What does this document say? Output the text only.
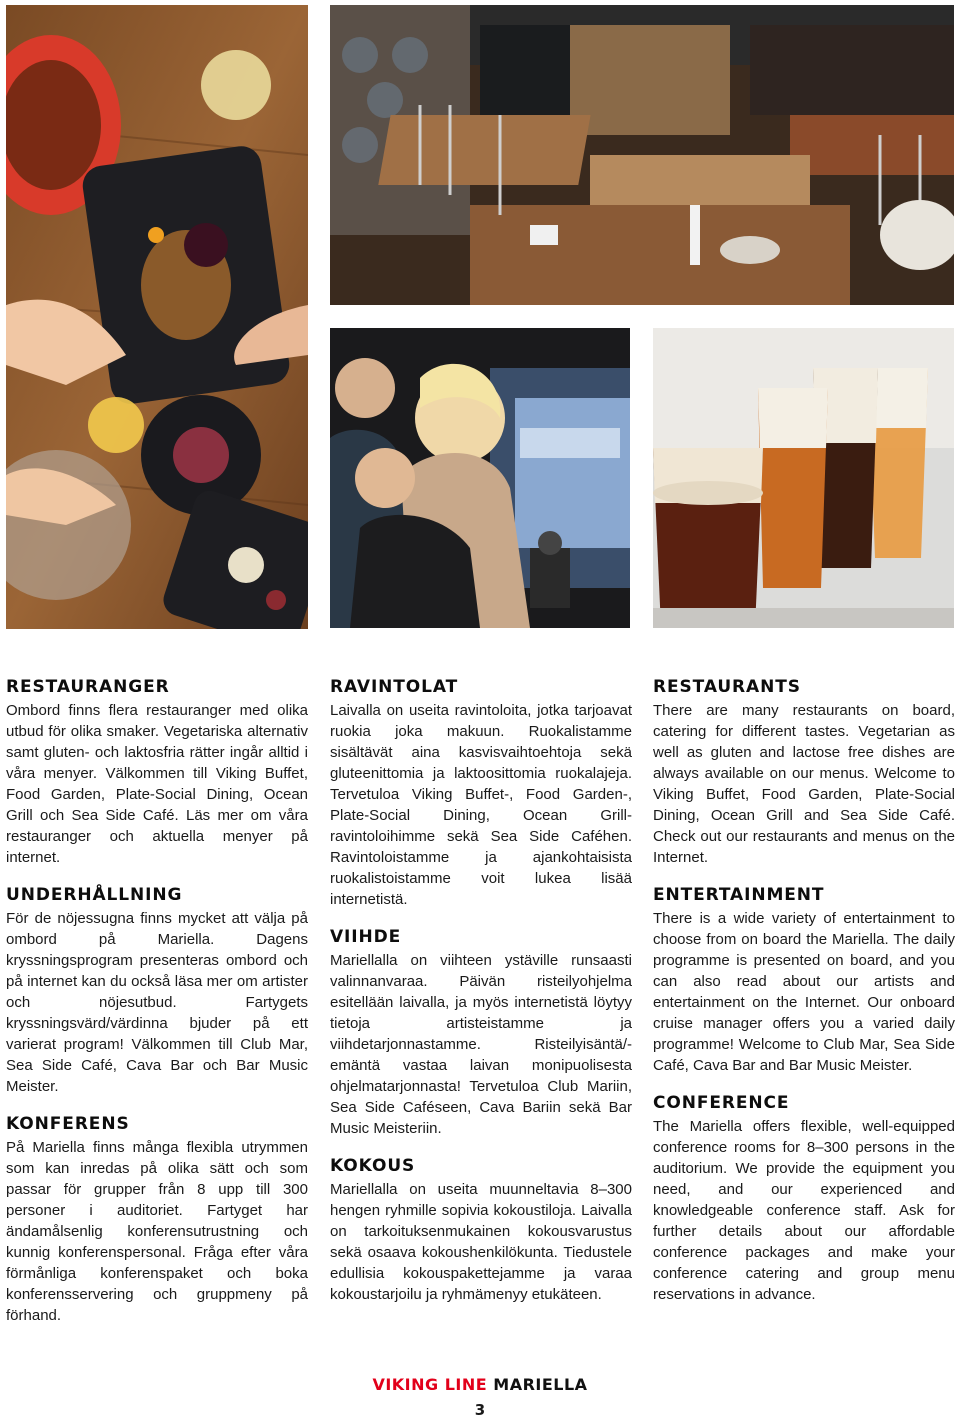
RESTAURANGER

Ombord finns flera restauranger med olika utbud för olika smaker. Vegetariska alternativ samt gluten- och laktosfria rätter ingår alltid i våra menyer. Välkommen till Viking Buffet, Food Garden, Plate-Social Dining, Ocean Grill och Sea Side Café. Läs mer om våra restauranger och aktuella menyer på internet.

UNDERHÅLLNING

För de nöjessugna finns mycket att välja på ombord på Mariella. Dagens kryssningsprogram presenteras ombord och på internet kan du också läsa mer om artister och nöjesutbud. Fartygets kryssningsvärd/värdinna bjuder på ett varierat program! Välkommen till Club Mar, Sea Side Café, Cava Bar och Bar Music Meister.

KONFERENS

På Mariella finns många flexibla utrymmen som kan inredas på olika sätt och som passar för grupper från 8 upp till 300 personer i auditoriet. Fartyget har ändamålsenlig konferensutrustning och kunnig konferenspersonal. Fråga efter våra förmånliga konferenspaket och boka konferensservering och gruppmeny på förhand.

RAVINTOLAT

Laivalla on useita ravintoloita, jotka tarjoavat ruokia joka makuun. Ruokalistamme sisältävät aina kasvisvaihtoehtoja sekä gluteenittomia ja laktoosittomia ruokalajeja. Tervetuloa Viking Buffet-, Food Garden-, Plate-Social Dining, Ocean Grill-ravintoloihimme sekä Sea Side Caféhen. Ravintoloistamme ja ajankohtaisista ruokalistoistamme voit lukea lisää internetistä.

VIIHDE

Mariellalla on viihteen ystäville runsaasti valinnanvaraa. Päivän risteilyohjelma esitellään laivalla, ja myös internetistä löytyy tietoja artisteistamme ja viihdetarjonnastamme. Risteilyisäntä/-emäntä vastaa laivan monipuolisesta ohjelmatarjonnasta! Tervetuloa Club Mariin, Sea Side Caféseen, Cava Bariin sekä Bar Music Meisteriin.

KOKOUS

Mariellalla on useita muunneltavia 8–300 hengen ryhmille sopivia kokoustiloja. Laivalla on tarkoituksenmukainen kokousvarustus sekä osaava kokoushenkilökunta. Tiedustele edullisia kokouspakettejamme ja varaa kokoustarjoilu ja ryhmämenyy etukäteen.

RESTAURANTS

There are many restaurants on board, catering for different tastes. Vegetarian as well as gluten and lactose free dishes are always available on our menus. Welcome to Viking Buffet, Food Garden, Plate-Social Dining, Ocean Grill and Sea Side Café. Check out our restaurants and menus on the Internet.

ENTERTAINMENT

There is a wide variety of entertainment to choose from on board the Mariella. The daily programme is presented on board, and you can also read about our artists and entertainment on the Internet. Our onboard cruise manager offers you a varied daily programme! Welcome to Club Mar, Sea Side Café, Cava Bar and Bar Music Meister.

CONFERENCE

The Mariella offers flexible, well-equipped conference rooms for 8–300 persons in the auditorium. We provide the equipment you need, and our experienced and knowledgeable conference staff. Ask for further details about our affordable conference packages and make your conference catering and group menu reservations in advance.

VIKING LINE MARIELLA
3
